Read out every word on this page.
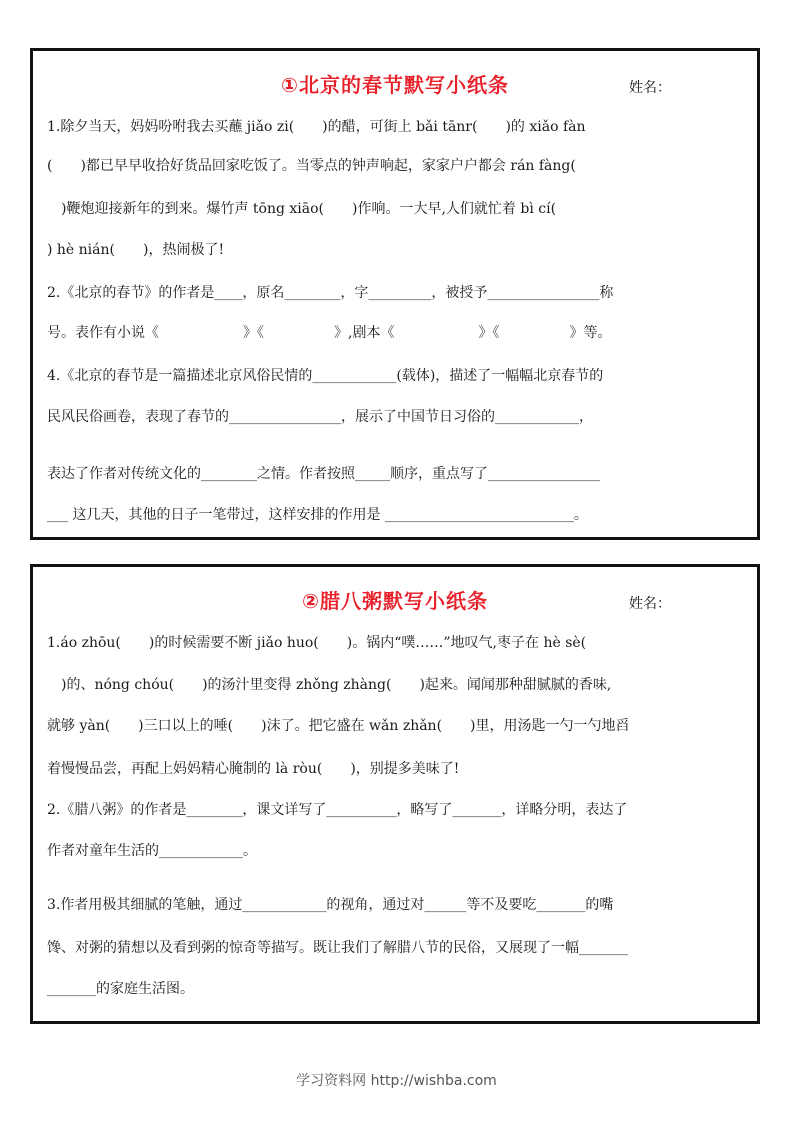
①北京的春节默写小纸条	姓名：
1.除夕当天，妈妈吩咐我去买蘸 jiǎo zi(　　)的醋，可街上 bǎi tānr(　　)的 xiǎo fàn
(　　)都已早早收拾好货品回家吃饭了。当零点的钟声响起，家家户户都会 rán fàng(
　)鞭炮迎接新年的到来。爆竹声 tōng xiāo(　　)作响。一大早,人们就忙着 bì cí(
) hè nián(　　)，热闹极了!
2.《北京的春节》的作者是____，原名________，字_________，被授予________________称
号。表作有小说《　　　　　　》《　　　　　》,剧本《　　　　　　》《　　　　　》等。
4.《北京的春节是一篇描述北京风俗民情的____________(载体)，描述了一幅幅北京春节的
民风民俗画卷，表现了春节的________________，展示了中国节日习俗的____________，
表达了作者对传统文化的________之情。作者按照_____顺序，重点写了________________
___ 这几天，其他的日子一笔带过，这样安排的作用是 ___________________________。
②腊八粥默写小纸条	姓名：
1.áo zhōu(　　)的时候需要不断 jiǎo huo(　　)。锅内“噗……”地叹气,枣子在 hè sè(
　)的、nóng chóu(　　)的汤汁里变得 zhǒng zhàng(　　)起来。闻闻那种甜腻腻的香味,
就够 yàn(　　)三口以上的唾(　　)沫了。把它盛在 wǎn zhǎn(　　)里，用汤匙一勺一勺地舀
着慢慢品尝，再配上妈妈精心腌制的 là ròu(　　)，别提多美味了!
2.《腊八粥》的作者是________，课文详写了__________，略写了_______，详略分明，表达了
作者对童年生活的____________。
3.作者用极其细腻的笔触，通过____________的视角，通过对______等不及要吃_______的嘴
馋、对粥的猜想以及看到粥的惊奇等描写。既让我们了解腊八节的民俗，又展现了一幅_______
_______的家庭生活图。
学习资料网 http://wishba.com
